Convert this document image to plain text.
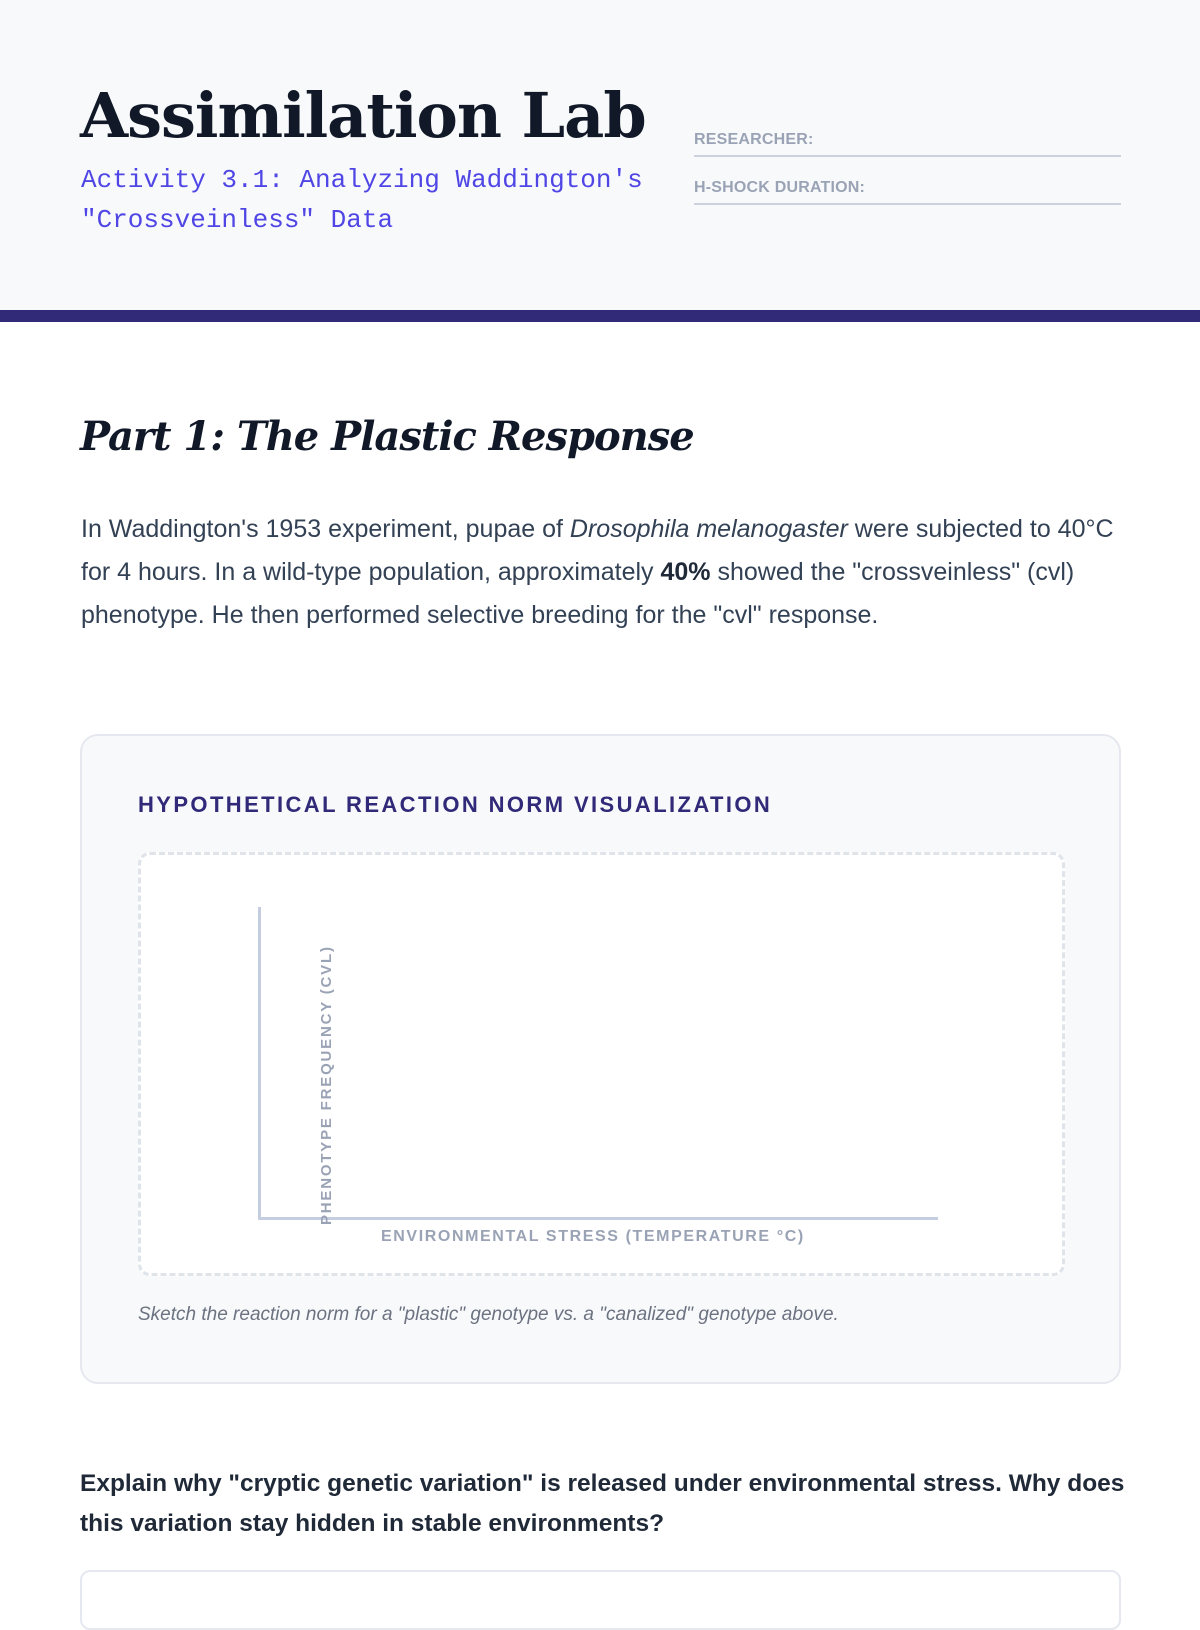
Assimilation Lab
Activity 3.1: Analyzing Waddington's "Crossveinless" Data
RESEARCHER:
H-SHOCK DURATION:
Part 1: The Plastic Response

In Waddington's 1953 experiment, pupae of Drosophila melanogaster were subjected to 40°C for 4 hours. In a wild-type population, approximately 40% showed the "crossveinless" (cvl) phenotype. He then performed selective breeding for the "cvl" response.

HYPOTHETICAL REACTION NORM VISUALIZATION
PHENOTYPE FREQUENCY (CVL)
ENVIRONMENTAL STRESS (TEMPERATURE °C)
Sketch the reaction norm for a "plastic" genotype vs. a "canalized" genotype above.

Explain why "cryptic genetic variation" is released under environmental stress. Why does this variation stay hidden in stable environments?
